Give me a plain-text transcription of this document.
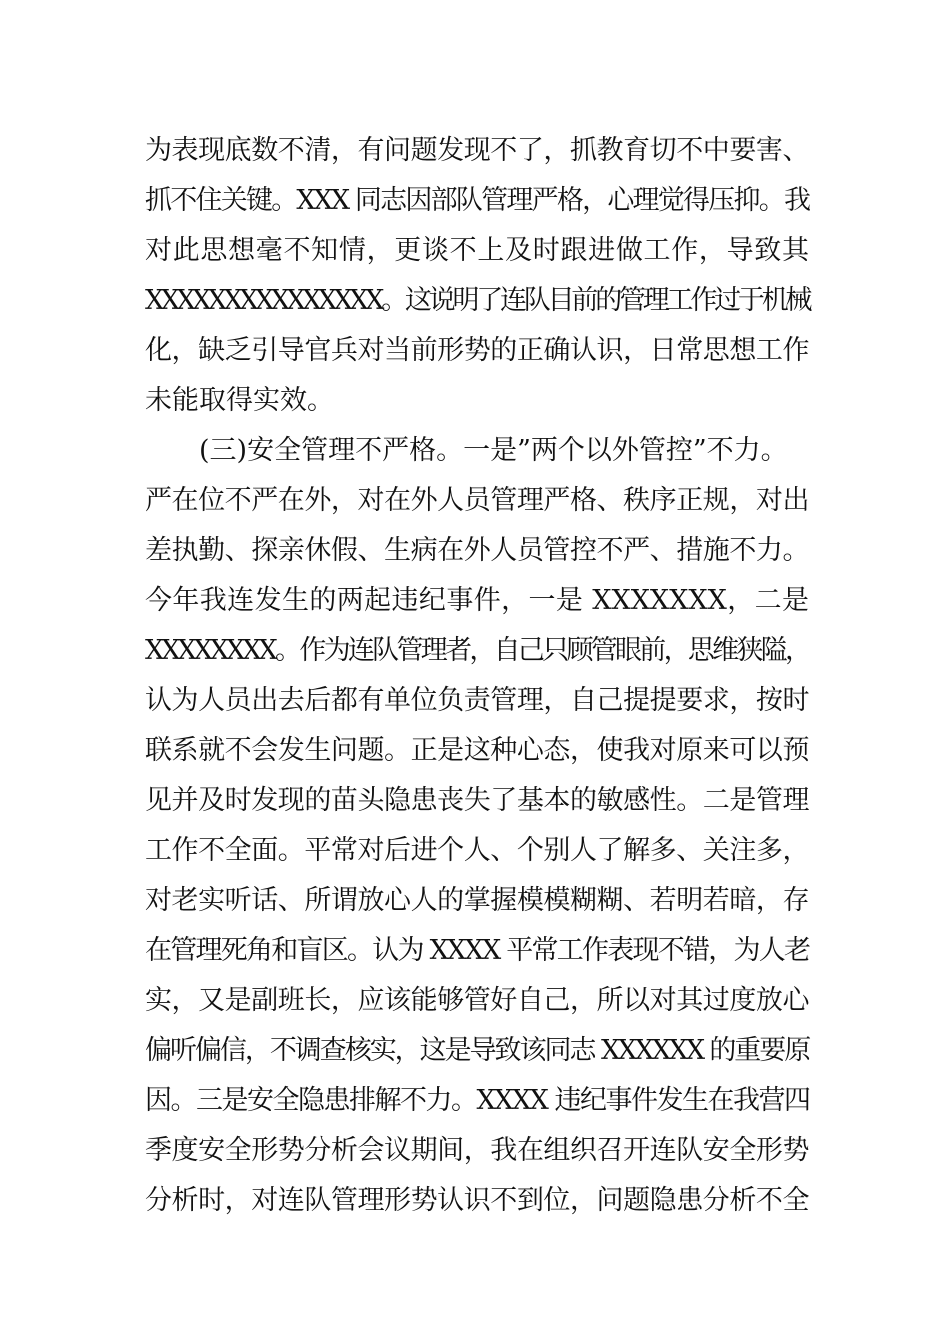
为表现底数不清，有问题发现不了，抓教育切不中要害、
抓不住关键。XXX 同志因部队管理严格，心理觉得压抑。我
对此思想毫不知情，更谈不上及时跟进做工作，导致其
XXXXXXXXXXXXXXX。这说明了连队目前的管理工作过于机械
化，缺乏引导官兵对当前形势的正确认识，日常思想工作
未能取得实效。
　　(三)安全管理不严格。一是”两个以外管控”不力。
严在位不严在外，对在外人员管理严格、秩序正规，对出
差执勤、探亲休假、生病在外人员管控不严、措施不力。
今年我连发生的两起违纪事件，一是 XXXXXXX，二是
XXXXXXXX。作为连队管理者，自己只顾管眼前，思维狭隘，
认为人员出去后都有单位负责管理，自己提提要求，按时
联系就不会发生问题。正是这种心态，使我对原来可以预
见并及时发现的苗头隐患丧失了基本的敏感性。二是管理
工作不全面。平常对后进个人、个别人了解多、关注多，
对老实听话、所谓放心人的掌握模模糊糊、若明若暗，存
在管理死角和盲区。认为 XXXX 平常工作表现不错，为人老
实，又是副班长，应该能够管好自己，所以对其过度放心
偏听偏信，不调查核实，这是导致该同志 XXXXXX 的重要原
因。三是安全隐患排解不力。XXXX 违纪事件发生在我营四
季度安全形势分析会议期间，我在组织召开连队安全形势
分析时，对连队管理形势认识不到位，问题隐患分析不全
